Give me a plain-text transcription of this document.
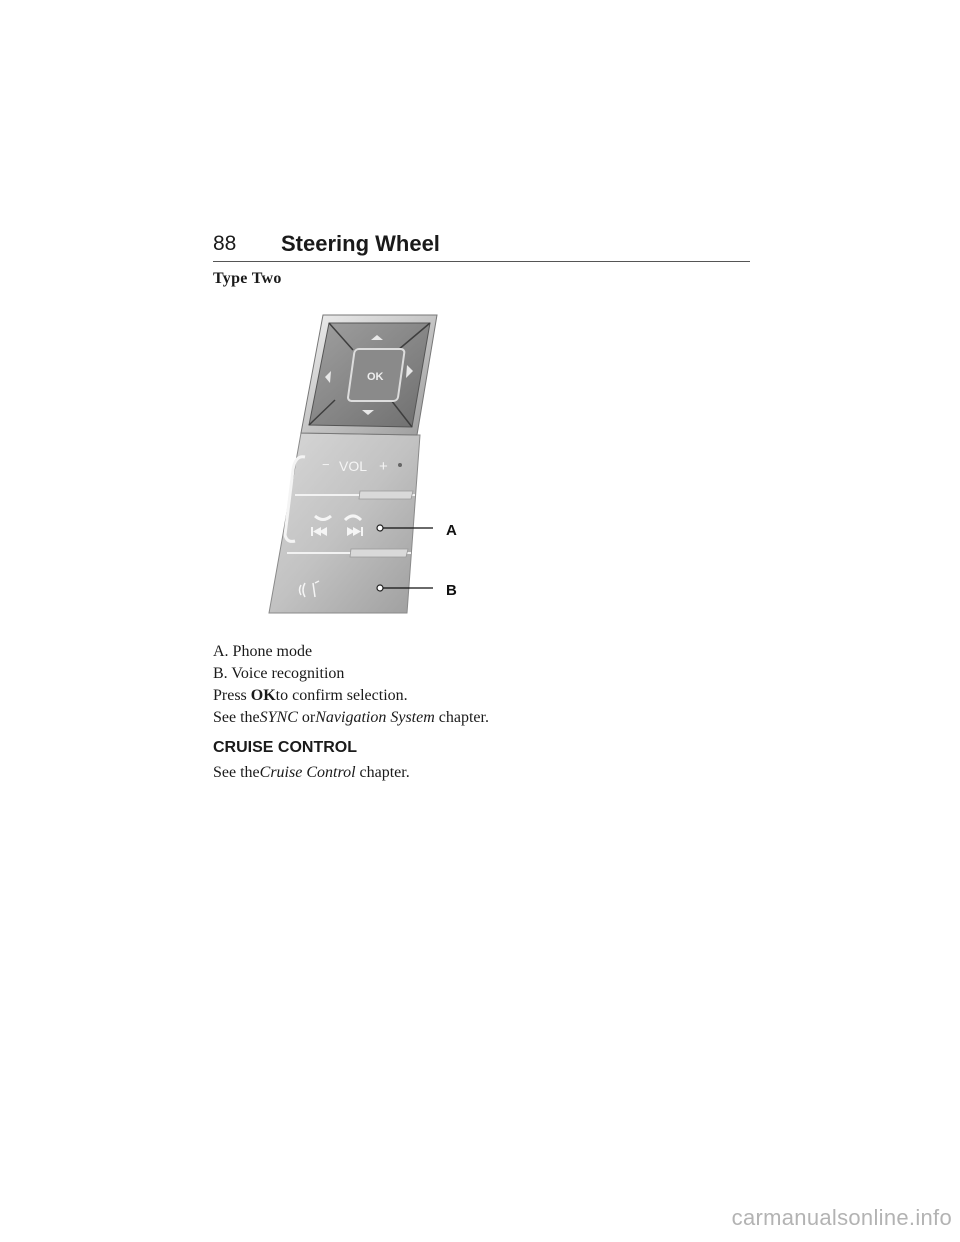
88 Steering Wheel
Type Two
OK
− VOL +
A
B
A. Phone mode
B. Voice recognition
Press OKto confirm selection.
See theSYNC orNavigation System chapter.
CRUISE CONTROL
See theCruise Control chapter.
carmanualsonline.info
